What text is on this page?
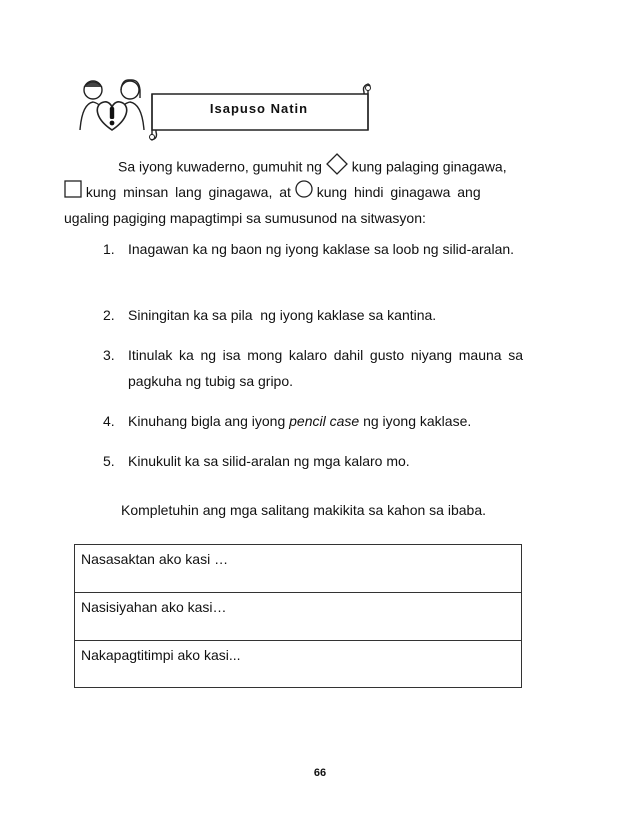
Isapuso Natin
Sa iyong kuwaderno, gumuhit ng kung palaging ginagawa,
kung minsan lang ginagawa, at kung hindi ginagawa ang
ugaling pagiging mapagtimpi sa sumusunod na sitwasyon:
1. Inagawan ka ng baon ng iyong kaklase sa loob ng silid-aralan.
2. Siningitan ka sa pila  ng iyong kaklase sa kantina.
3. Itinulak ka ng isa mong kalaro dahil gusto niyang mauna sa pagkuha ng tubig sa gripo.
4. Kinuhang bigla ang iyong pencil case ng iyong kaklase.
5. Kinukulit ka sa silid-aralan ng mga kalaro mo.
Kompletuhin ang mga salitang makikita sa kahon sa ibaba.
Nasasaktan ako kasi …
Nasisiyahan ako kasi…
Nakapagtitimpi ako kasi...
66
